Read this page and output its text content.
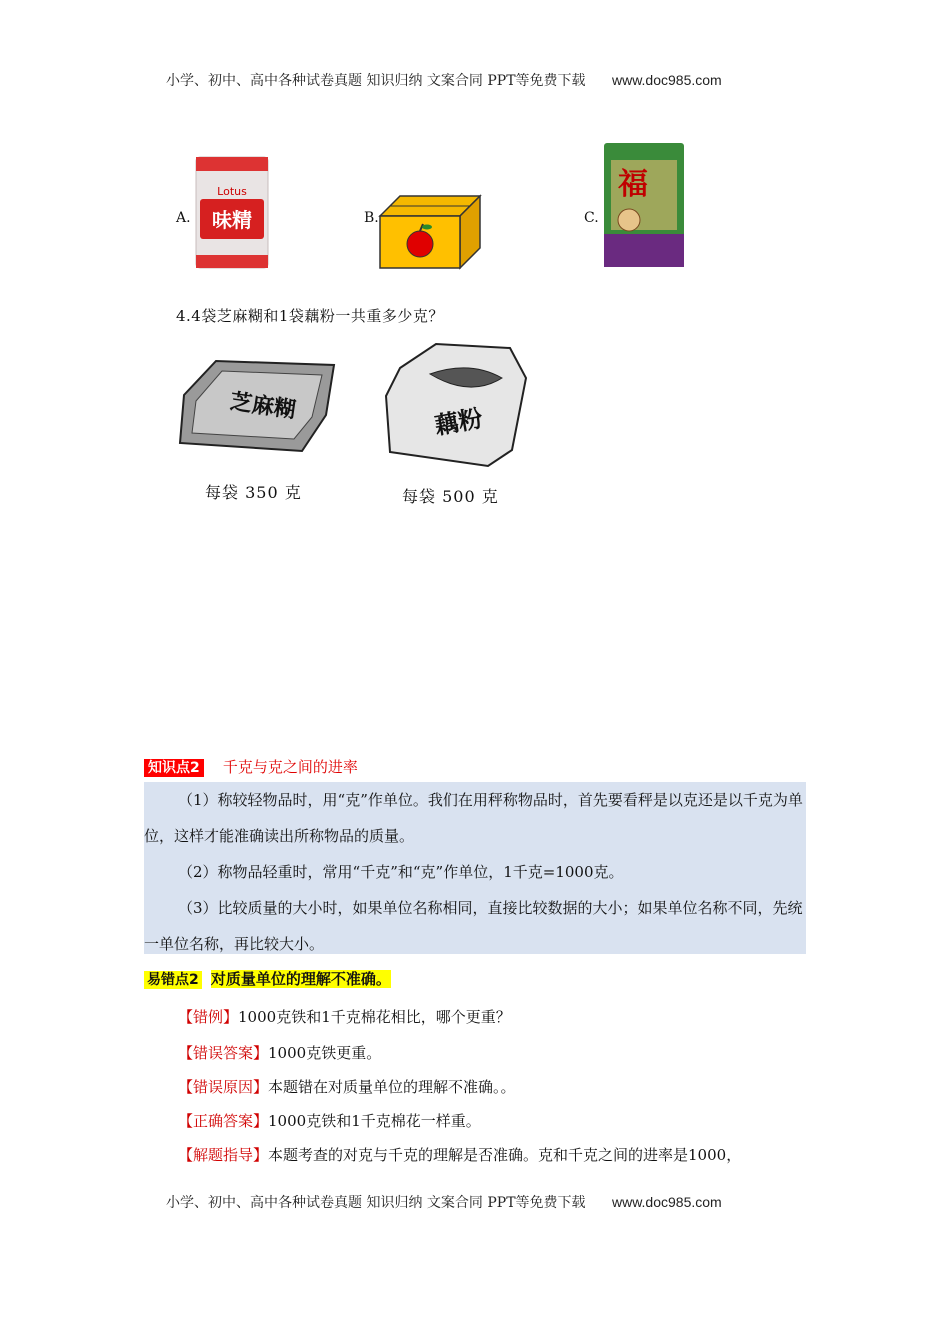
小学、初中、高中各种试卷真题 知识归纳 文案合同 PPT等免费下载 www.doc985.com
A.
Lotus
味精	B.	C.
福
4.4袋芝麻糊和1袋藕粉一共重多少克？
芝麻糊
每袋 350 克
藕粉
每袋 500 克
知识点2 千克与克之间的进率
（1）称较轻物品时，用“克”作单位。我们在用秤称物品时，首先要看秤是以克还是以千克为单位，这样才能准确读出所称物品的质量。
（2）称物品轻重时，常用“千克”和“克”作单位，1千克=1000克。
（3）比较质量的大小时，如果单位名称相同，直接比较数据的大小；如果单位名称不同，先统一单位名称，再比较大小。
易错点2 对质量单位的理解不准确。
【错例】1000克铁和1千克棉花相比，哪个更重？
【错误答案】1000克铁更重。
【错误原因】本题错在对质量单位的理解不准确。。
【正确答案】1000克铁和1千克棉花一样重。
【解题指导】本题考查的对克与千克的理解是否准确。克和千克之间的进率是1000，
小学、初中、高中各种试卷真题 知识归纳 文案合同 PPT等免费下载 www.doc985.com
